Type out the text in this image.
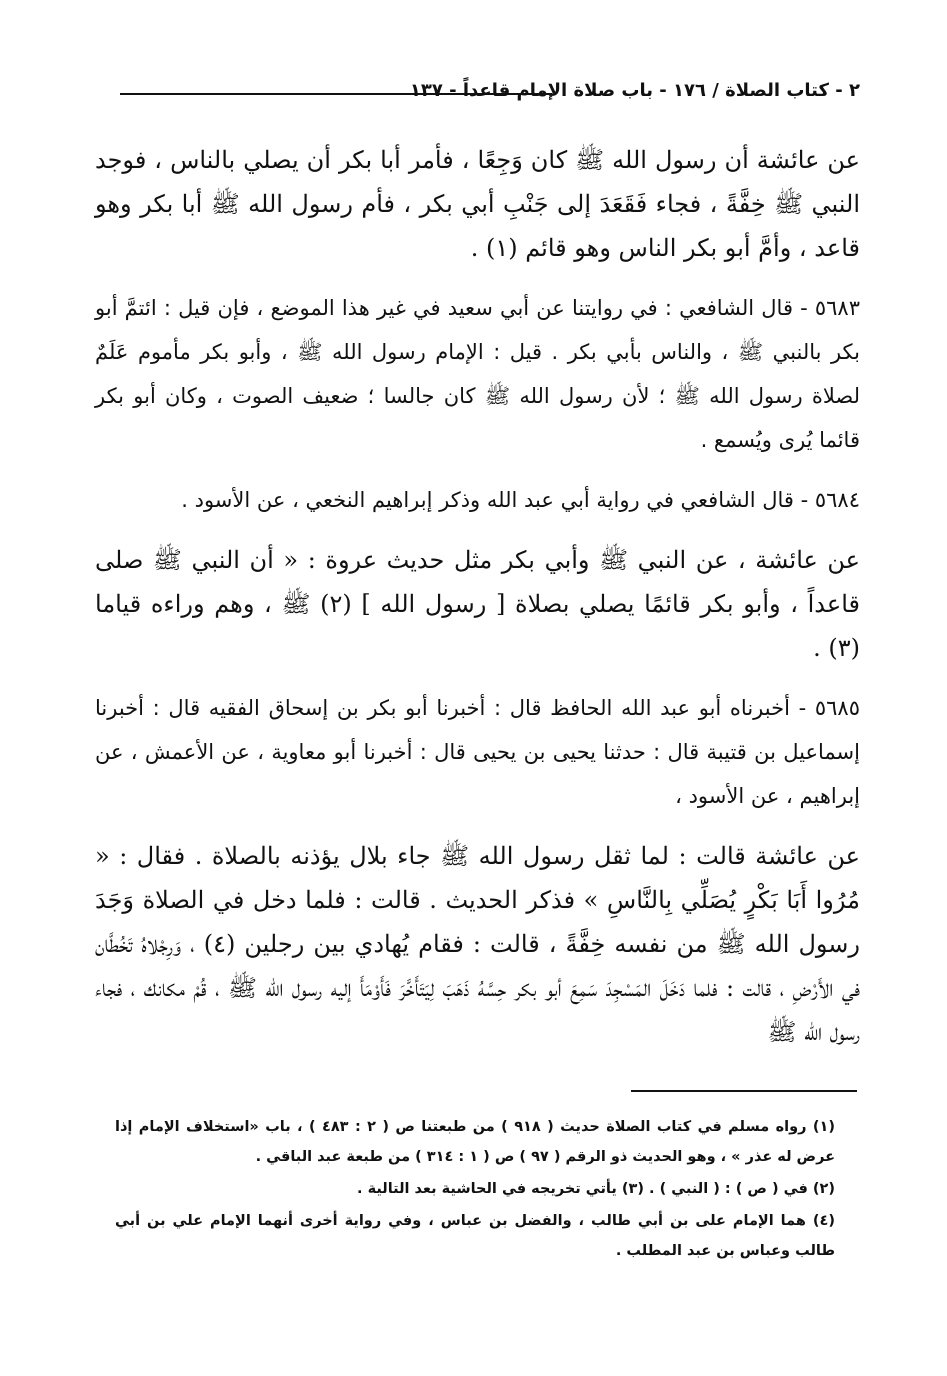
٢ - كتاب الصلاة / ١٧٦ - باب صلاة الإمام قاعداً - ١٣٧

عن عائشة أن رسول الله ﷺ كان وَجِعًا ، فأمر أبا بكر أن يصلي بالناس ، فوجد النبي ﷺ خِفَّةً ، فجاء فَقَعَدَ إلى جَنْبِ أبي بكر ، فأم رسول الله ﷺ أبا بكر وهو قاعد ، وأمَّ أبو بكر الناس وهو قائم (١) .

٥٦٨٣ - قال الشافعي : في روايتنا عن أبي سعيد في غير هذا الموضع ، فإن قيل : ائتمَّ أبو بكر بالنبي ﷺ ، والناس بأبي بكر . قيل : الإمام رسول الله ﷺ ، وأبو بكر مأموم عَلَمٌ لصلاة رسول الله ﷺ ؛ لأن رسول الله ﷺ كان جالسا ؛ ضعيف الصوت ، وكان أبو بكر قائما يُرى ويُسمع .

٥٦٨٤ - قال الشافعي في رواية أبي عبد الله وذكر إبراهيم النخعي ، عن الأسود .

عن عائشة ، عن النبي ﷺ وأبي بكر مثل حديث عروة : « أن النبي ﷺ صلى قاعداً ، وأبو بكر قائمًا يصلي بصلاة [ رسول الله ] (٢) ﷺ ، وهم وراءه قياما (٣) .

٥٦٨٥ - أخبرناه أبو عبد الله الحافظ قال : أخبرنا أبو بكر بن إسحاق الفقيه قال : أخبرنا إسماعيل بن قتيبة قال : حدثنا يحيى بن يحيى قال : أخبرنا أبو معاوية ، عن الأعمش ، عن إبراهيم ، عن الأسود ،

عن عائشة قالت : لما ثقل رسول الله ﷺ جاء بلال يؤذنه بالصلاة . فقال : « مُرُوا أَبَا بَكْرٍ يُصَلِّي بِالنَّاسِ » فذكر الحديث . قالت : فلما دخل في الصلاة وَجَدَ رسول الله ﷺ من نفسه خِفَّةً ، قالت : فقام يُهادي بين رجلين (٤) ، وَرِجْلاهُ تَخُطَّان في الأَرْضِ ، قالت : فلما دَخَلَ المَسْجِدَ سَمِعَ أبو بكر حِسَّهُ ذَهَبَ لِيَتَأَخَّرَ فَأَوْمَأَ إليه رسول الله ﷺ ، قُمْ مكانك ، فجاء رسول الله ﷺ

(١) رواه مسلم في كتاب الصلاة حديث ( ٩١٨ ) من طبعتنا ص ( ٢ : ٤٨٣ ) ، باب «استخلاف الإمام إذا عرض له عذر » ، وهو الحديث ذو الرقم ( ٩٧ ) ص ( ١ : ٣١٤ ) من طبعة عبد الباقي .

(٢) في ( ص ) : ( النبي ) . (٣) يأتي تخريجه في الحاشية بعد التالية .

(٤) هما الإمام على بن أبي طالب ، والفضل بن عباس ، وفي رواية أخرى أنهما الإمام علي بن أبي طالب وعباس بن عبد المطلب .
